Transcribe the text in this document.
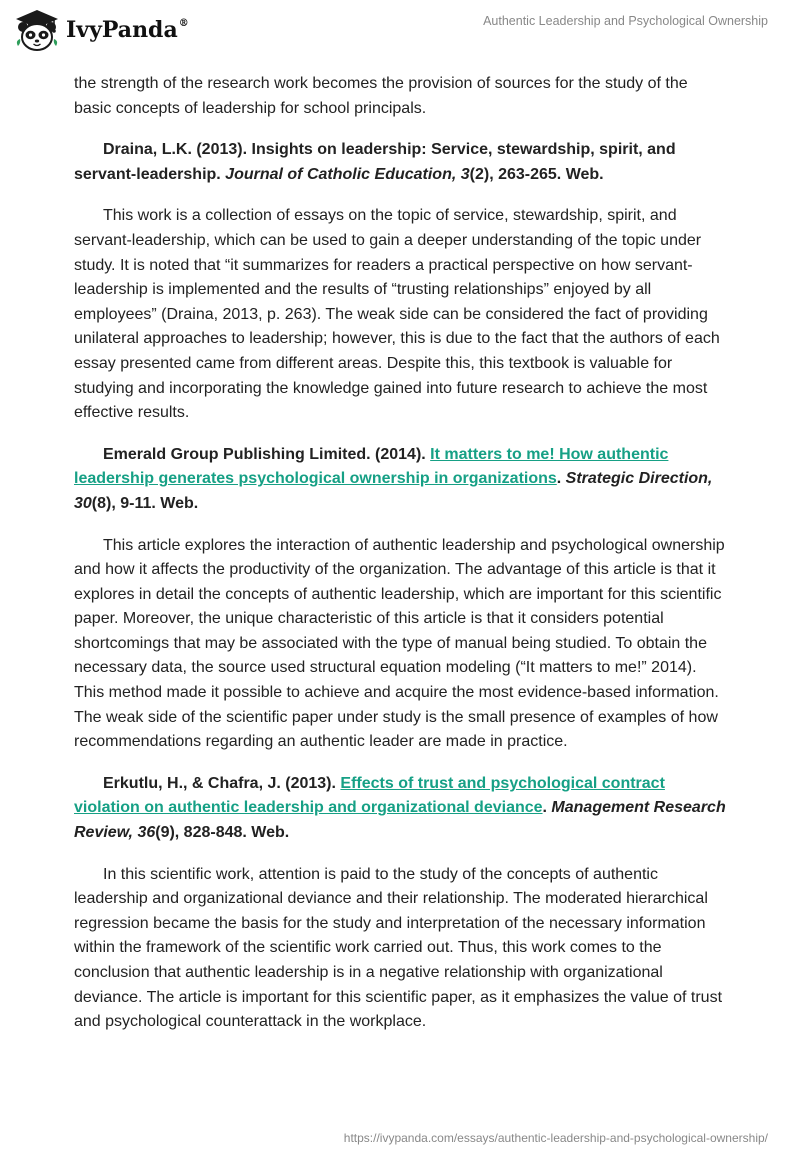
IvyPanda®	Authentic Leadership and Psychological Ownership

the strength of the research work becomes the provision of sources for the study of the basic concepts of leadership for school principals.

Draina, L.K. (2013). Insights on leadership: Service, stewardship, spirit, and servant-leadership. Journal of Catholic Education, 3(2), 263-265. Web.

This work is a collection of essays on the topic of service, stewardship, spirit, and servant-leadership, which can be used to gain a deeper understanding of the topic under study. It is noted that “it summarizes for readers a practical perspective on how servant-leadership is implemented and the results of “trusting relationships” enjoyed by all employees” (Draina, 2013, p. 263). The weak side can be considered the fact of providing unilateral approaches to leadership; however, this is due to the fact that the authors of each essay presented came from different areas. Despite this, this textbook is valuable for studying and incorporating the knowledge gained into future research to achieve the most effective results.

Emerald Group Publishing Limited. (2014). It matters to me! How authentic leadership generates psychological ownership in organizations. Strategic Direction, 30(8), 9-11. Web.

This article explores the interaction of authentic leadership and psychological ownership and how it affects the productivity of the organization. The advantage of this article is that it explores in detail the concepts of authentic leadership, which are important for this scientific paper. Moreover, the unique characteristic of this article is that it considers potential shortcomings that may be associated with the type of manual being studied. To obtain the necessary data, the source used structural equation modeling (“It matters to me!” 2014). This method made it possible to achieve and acquire the most evidence-based information. The weak side of the scientific paper under study is the small presence of examples of how recommendations regarding an authentic leader are made in practice.

Erkutlu, H., & Chafra, J. (2013). Effects of trust and psychological contract violation on authentic leadership and organizational deviance. Management Research Review, 36(9), 828-848. Web.

In this scientific work, attention is paid to the study of the concepts of authentic leadership and organizational deviance and their relationship. The moderated hierarchical regression became the basis for the study and interpretation of the necessary information within the framework of the scientific work carried out. Thus, this work comes to the conclusion that authentic leadership is in a negative relationship with organizational deviance. The article is important for this scientific paper, as it emphasizes the value of trust and psychological counterattack in the workplace.

https://ivypanda.com/essays/authentic-leadership-and-psychological-ownership/
